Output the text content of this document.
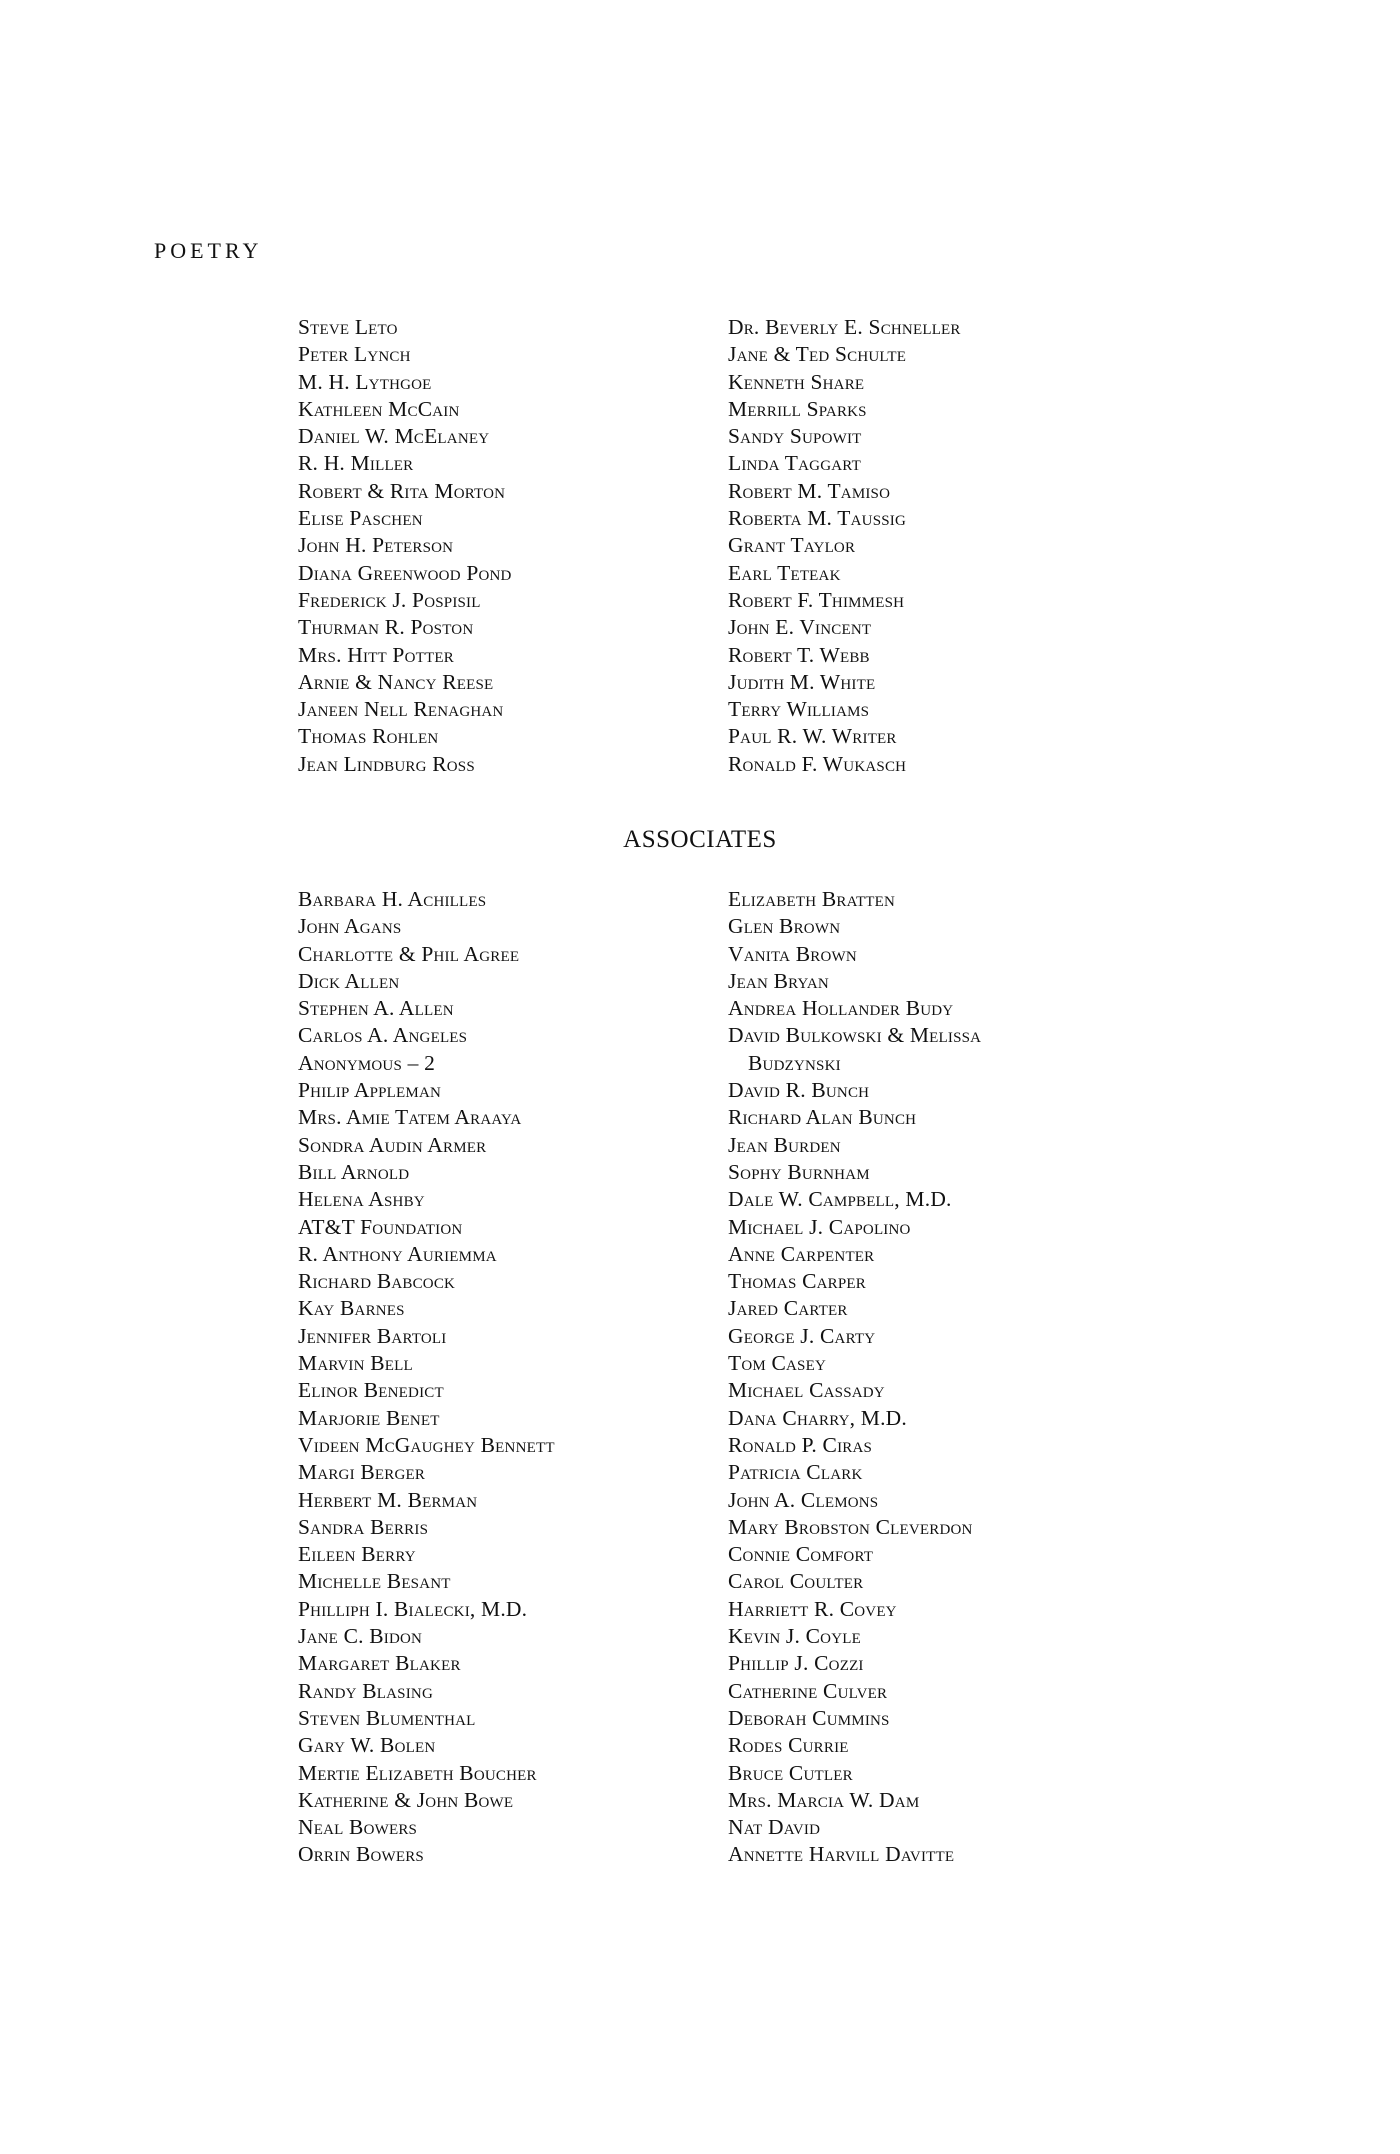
POETRY
Steve Leto
Peter Lynch
M. H. Lythgoe
Kathleen McCain
Daniel W. McElaney
R. H. Miller
Robert & Rita Morton
Elise Paschen
John H. Peterson
Diana Greenwood Pond
Frederick J. Pospisil
Thurman R. Poston
Mrs. Hitt Potter
Arnie & Nancy Reese
Janeen Nell Renaghan
Thomas Rohlen
Jean Lindburg Ross
Dr. Beverly E. Schneller
Jane & Ted Schulte
Kenneth Share
Merrill Sparks
Sandy Supowit
Linda Taggart
Robert M. Tamiso
Roberta M. Taussig
Grant Taylor
Earl Teteak
Robert F. Thimmesh
John E. Vincent
Robert T. Webb
Judith M. White
Terry Williams
Paul R. W. Writer
Ronald F. Wukasch
ASSOCIATES
Barbara H. Achilles
John Agans
Charlotte & Phil Agree
Dick Allen
Stephen A. Allen
Carlos A. Angeles
Anonymous – 2
Philip Appleman
Mrs. Amie Tatem Araaya
Sondra Audin Armer
Bill Arnold
Helena Ashby
AT&T Foundation
R. Anthony Auriemma
Richard Babcock
Kay Barnes
Jennifer Bartoli
Marvin Bell
Elinor Benedict
Marjorie Benet
Videen McGaughey Bennett
Margi Berger
Herbert M. Berman
Sandra Berris
Eileen Berry
Michelle Besant
Philliph I. Bialecki, M.D.
Jane C. Bidon
Margaret Blaker
Randy Blasing
Steven Blumenthal
Gary W. Bolen
Mertie Elizabeth Boucher
Katherine & John Bowe
Neal Bowers
Orrin Bowers
Elizabeth Bratten
Glen Brown
Vanita Brown
Jean Bryan
Andrea Hollander Budy
David Bulkowski & Melissa
Budzynski
David R. Bunch
Richard Alan Bunch
Jean Burden
Sophy Burnham
Dale W. Campbell, M.D.
Michael J. Capolino
Anne Carpenter
Thomas Carper
Jared Carter
George J. Carty
Tom Casey
Michael Cassady
Dana Charry, M.D.
Ronald P. Ciras
Patricia Clark
John A. Clemons
Mary Brobston Cleverdon
Connie Comfort
Carol Coulter
Harriett R. Covey
Kevin J. Coyle
Phillip J. Cozzi
Catherine Culver
Deborah Cummins
Rodes Currie
Bruce Cutler
Mrs. Marcia W. Dam
Nat David
Annette Harvill Davitte
